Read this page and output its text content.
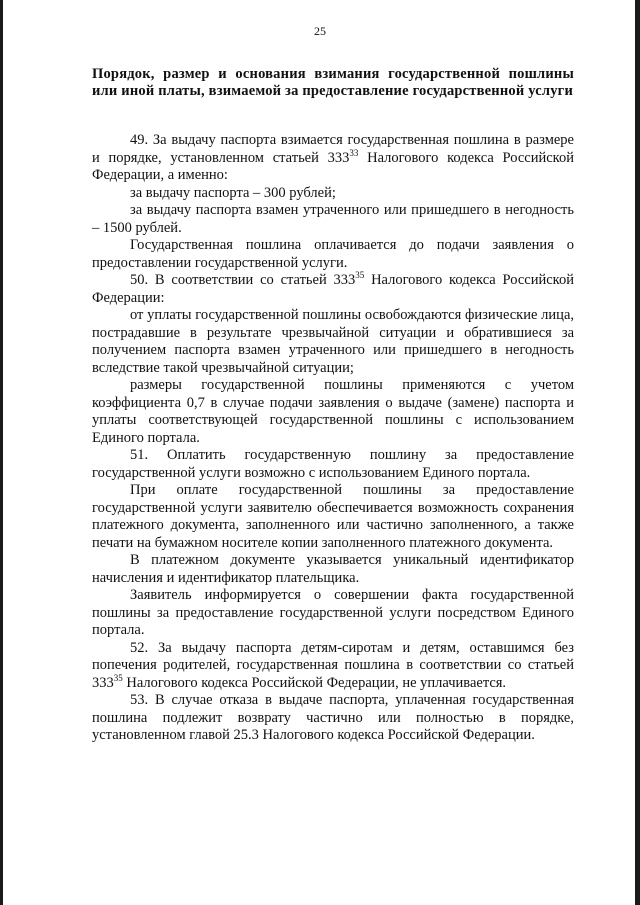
25
Порядок, размер и основания взимания государственной пошлины или иной платы, взимаемой за предоставление государственной услуги

49. За выдачу паспорта взимается государственная пошлина в размере и порядке, установленном статьей $333^{33}$ Налогового кодекса Российской Федерации, а именно:

за выдачу паспорта – 300 рублей;

за выдачу паспорта взамен утраченного или пришедшего в негодность – 1500 рублей.

Государственная пошлина оплачивается до подачи заявления о предоставлении государственной услуги.

50. В соответствии со статьей $333^{35}$ Налогового кодекса Российской Федерации:

от уплаты государственной пошлины освобождаются физические лица, пострадавшие в результате чрезвычайной ситуации и обратившиеся за получением паспорта взамен утраченного или пришедшего в негодность вследствие такой чрезвычайной ситуации;

размеры государственной пошлины применяются с учетом коэффициента 0,7 в случае подачи заявления о выдаче (замене) паспорта и уплаты соответствующей государственной пошлины с использованием Единого портала.

51. Оплатить государственную пошлину за предоставление государственной услуги возможно с использованием Единого портала.

При оплате государственной пошлины за предоставление государственной услуги заявителю обеспечивается возможность сохранения платежного документа, заполненного или частично заполненного, а также печати на бумажном носителе копии заполненного платежного документа.

В платежном документе указывается уникальный идентификатор начисления и идентификатор плательщика.

Заявитель информируется о совершении факта государственной пошлины за предоставление государственной услуги посредством Единого портала.

52. За выдачу паспорта детям-сиротам и детям, оставшимся без попечения родителей, государственная пошлина в соответствии со статьей $333^{35}$ Налогового кодекса Российской Федерации, не уплачивается.

53. В случае отказа в выдаче паспорта, уплаченная государственная пошлина подлежит возврату частично или полностью в порядке, установленном главой 25.3 Налогового кодекса Российской Федерации.
